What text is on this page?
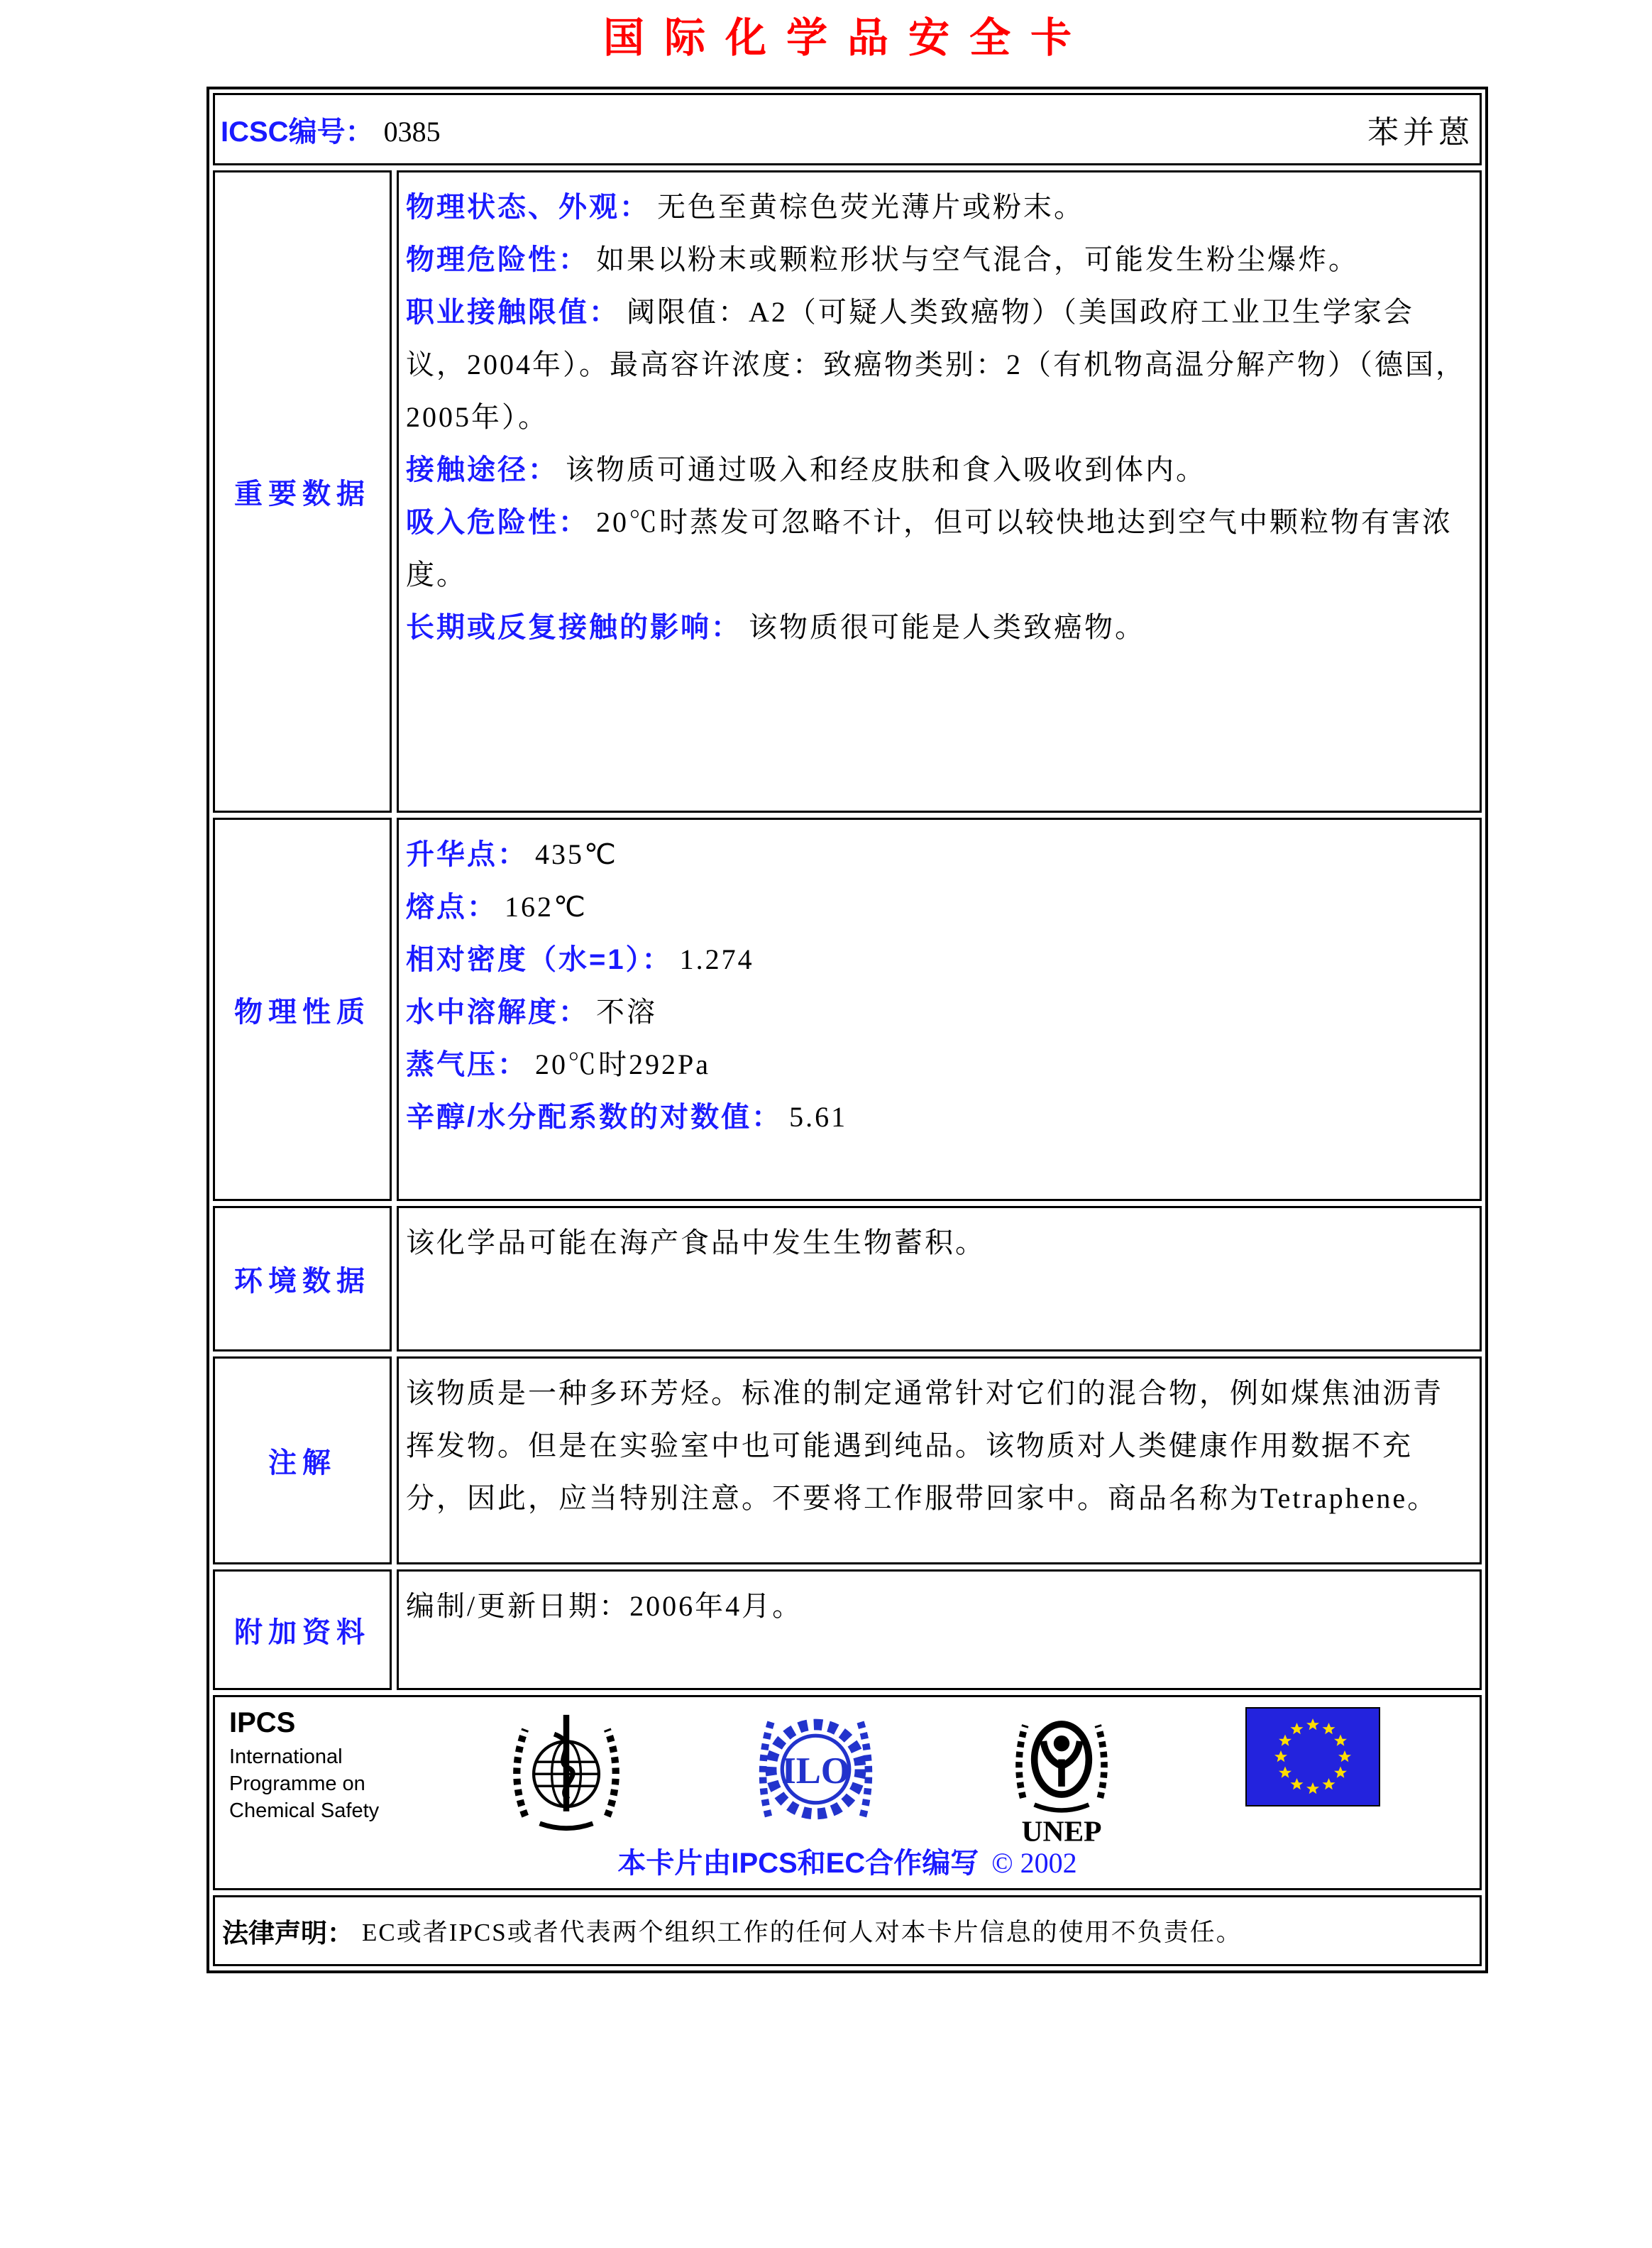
国际化学品安全卡
ICSC编号： 0385	苯并蒽
重要数据

物理状态、外观： 无色至黄棕色荧光薄片或粉末。

物理危险性： 如果以粉末或颗粒形状与空气混合，可能发生粉尘爆炸。

职业接触限值： 阈限值：A2（可疑人类致癌物）（美国政府工业卫生学家会议，2004年）。最高容许浓度：致癌物类别：2（有机物高温分解产物）（德国，2005年）。

接触途径： 该物质可通过吸入和经皮肤和食入吸收到体内。

吸入危险性： 20℃时蒸发可忽略不计，但可以较快地达到空气中颗粒物有害浓度。

长期或反复接触的影响： 该物质很可能是人类致癌物。

物理性质

升华点： 435℃

熔点： 162℃

相对密度（水=1）： 1.274

水中溶解度： 不溶

蒸气压： 20℃时292Pa

辛醇/水分配系数的对数值： 5.61

环境数据

该化学品可能在海产食品中发生生物蓄积。

注解

该物质是一种多环芳烃。标准的制定通常针对它们的混合物，例如煤焦油沥青挥发物。但是在实验室中也可能遇到纯品。该物质对人类健康作用数据不充分，因此，应当特别注意。不要将工作服带回家中。商品名称为Tetraphene。

附加资料

编制/更新日期：2006年4月。

IPCS
International
Programme on
Chemical Safety
ILO
UNEP
本卡片由IPCS和EC合作编写 © 2002
法律声明： EC或者IPCS或者代表两个组织工作的任何人对本卡片信息的使用不负责任。
